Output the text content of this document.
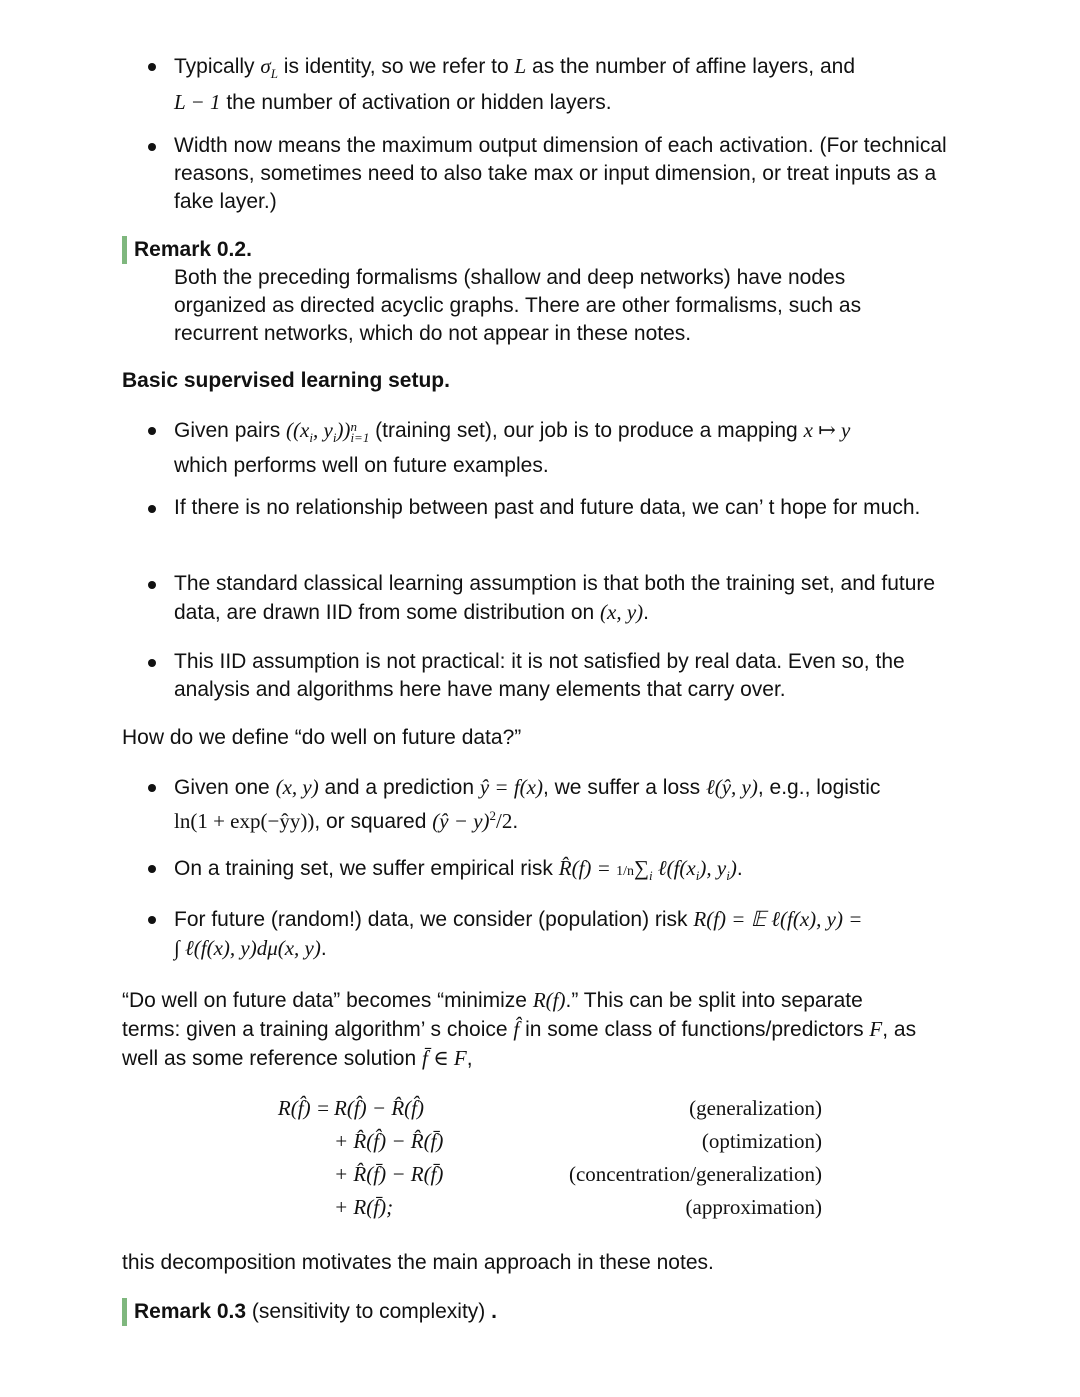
Typically $\sigma_L$ is identity, so we refer to L as the number of affine layers, and
L − 1 the number of activation or hidden layers.
Width now means the maximum output dimension of each activation. (For technical reasons, sometimes need to also take max or input dimension, or treat inputs as a fake layer.)
Remark 0.2.
Both the preceding formalisms (shallow and deep networks) have nodes organized as directed acyclic graphs. There are other formalisms, such as recurrent networks, which do not appear in these notes.
Basic supervised learning setup.
Given pairs (($x_i$, $y_i$)) n
i=1 (training set), our job is to produce a mapping x ↦ y
which performs well on future examples.
If there is no relationship between past and future data, we can’ t hope for much.
The standard classical learning assumption is that both the training set, and future data, are drawn IID from some distribution on (x, y).
This IID assumption is not practical: it is not satisfied by real data. Even so, the analysis and algorithms here have many elements that carry over.
How do we define “do well on future data?”
Given one (x, y) and a prediction ŷ = f(x), we suffer a loss ℓ(ŷ, y), e.g., logistic
ln(1 + exp(−ŷy)), or squared (ŷ − y)$^2$/2.
On a training set, we suffer empirical risk R̂(f) = $1/n\sum_i$ $\ell(f(x_i)$, $y_i$).
For future (random!) data, we consider (population) risk R(f) = 𝔼 ℓ(f(x), y) =
∫ ℓ(f(x), y)dμ(x, y).
“Do well on future data” becomes “minimize R(f).” This can be split into separate terms: given a training algorithm’ s choice f̂ in some class of functions/predictors F, as well as some reference solution f̄ ∈ F,
R(f̂) = R(f̂) − R̂(f̂)	(generalization)
+ R̂(f̂) − R̂(f̄)	(optimization)
+ R̂(f̄) − R(f̄)	(concentration/generalization)
+ R(f̄);	(approximation)
this decomposition motivates the main approach in these notes.
Remark 0.3 (sensitivity to complexity) .
